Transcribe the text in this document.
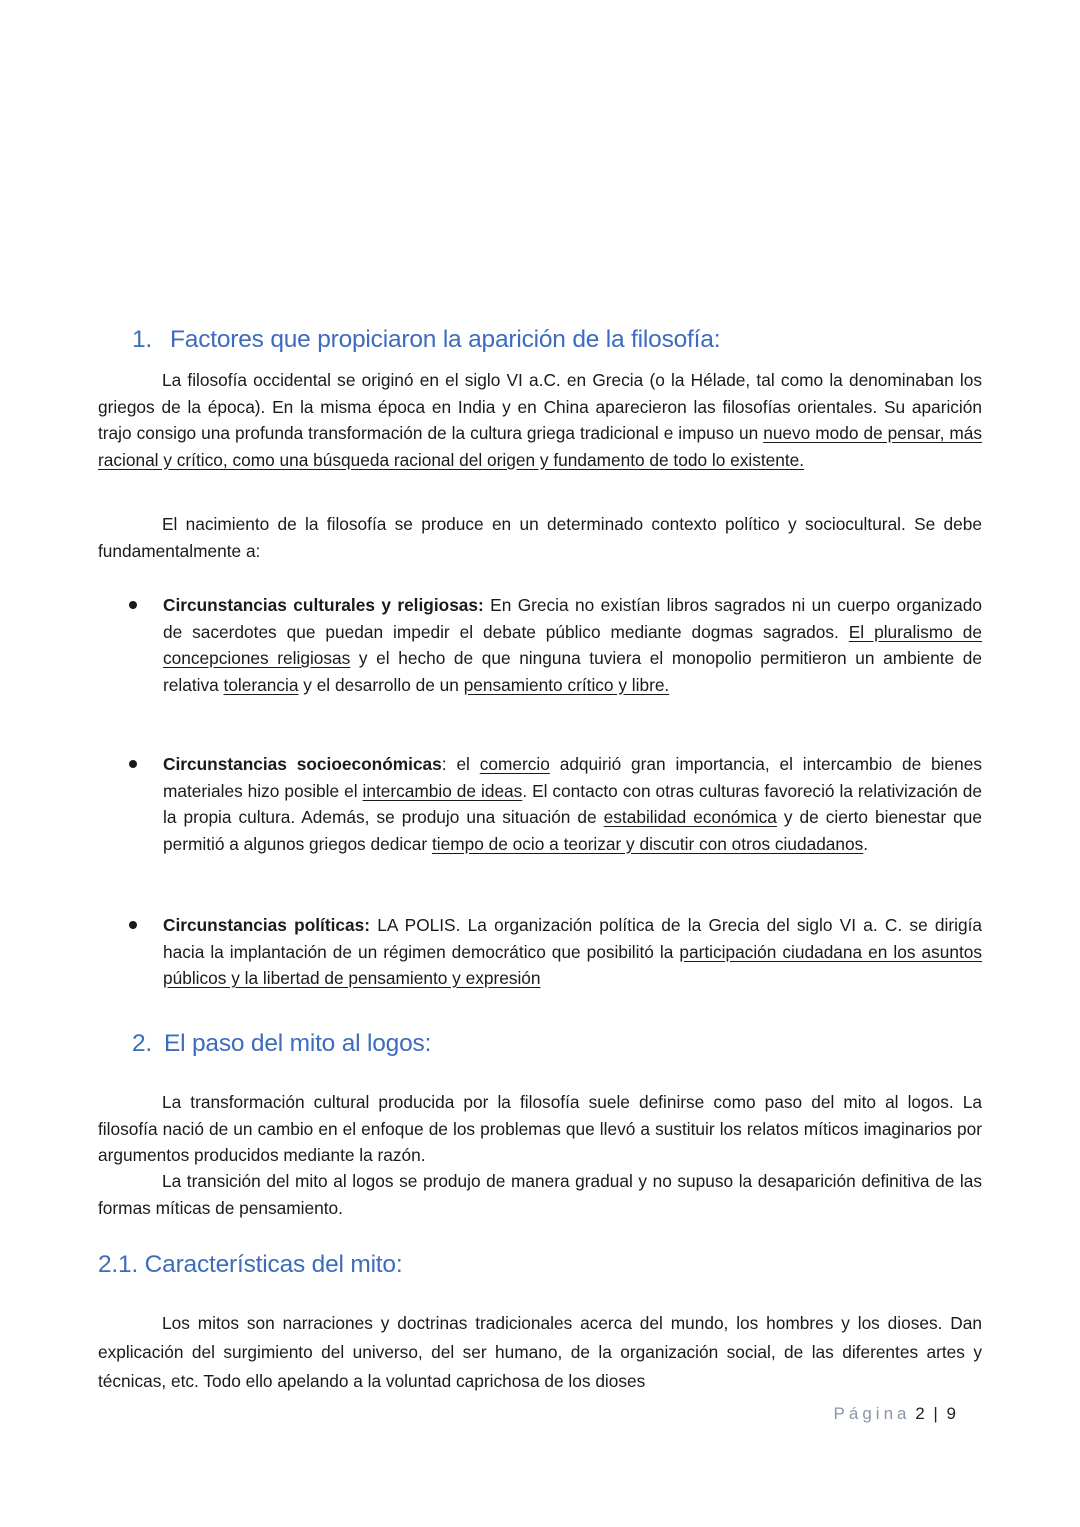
1. Factores que propiciaron la aparición de la filosofía:

La filosofía occidental se originó en el siglo VI a.C. en Grecia (o la Hélade, tal como la denominaban los griegos de la época). En la misma época en India y en China aparecieron las filosofías orientales. Su aparición trajo consigo una profunda transformación de la cultura griega tradicional e impuso un nuevo modo de pensar, más racional y crítico, como una búsqueda racional del origen y fundamento de todo lo existente.

El nacimiento de la filosofía se produce en un determinado contexto político y sociocultural. Se debe fundamentalmente a:

Circunstancias culturales y religiosas: En Grecia no existían libros sagrados ni un cuerpo organizado de sacerdotes que puedan impedir el debate público mediante dogmas sagrados. El pluralismo de concepciones religiosas y el hecho de que ninguna tuviera el monopolio permitieron un ambiente de relativa tolerancia y el desarrollo de un pensamiento crítico y libre.
Circunstancias socioeconómicas: el comercio adquirió gran importancia, el intercambio de bienes materiales hizo posible el intercambio de ideas. El contacto con otras culturas favoreció la relativización de la propia cultura. Además, se produjo una situación de estabilidad económica y de cierto bienestar que permitió a algunos griegos dedicar tiempo de ocio a teorizar y discutir con otros ciudadanos.
Circunstancias políticas: LA POLIS. La organización política de la Grecia del siglo VI a. C. se dirigía hacia la implantación de un régimen democrático que posibilitó la participación ciudadana en los asuntos públicos y la libertad de pensamiento y expresión
2. El paso del mito al logos:

La transformación cultural producida por la filosofía suele definirse como paso del mito al logos. La filosofía nació de un cambio en el enfoque de los problemas que llevó a sustituir los relatos míticos imaginarios por argumentos producidos mediante la razón.

La transición del mito al logos se produjo de manera gradual y no supuso la desaparición definitiva de las formas míticas de pensamiento.

2.1. Características del mito:

Los mitos son narraciones y doctrinas tradicionales acerca del mundo, los hombres y los dioses. Dan explicación del surgimiento del universo, del ser humano, de la organización social, de las diferentes artes y técnicas, etc. Todo ello apelando a la voluntad caprichosa de los dioses

Página 2 | 9
